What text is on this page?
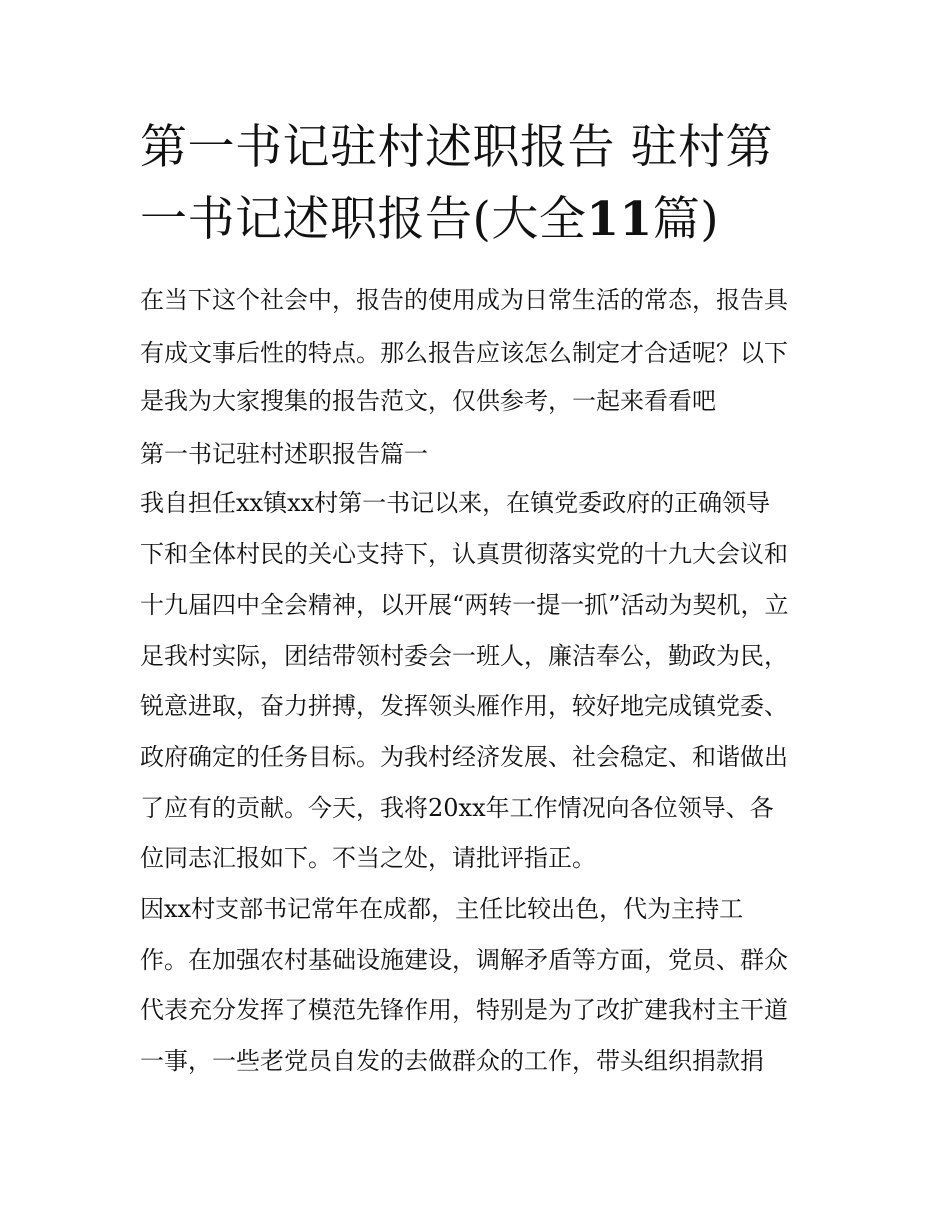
第一书记驻村述职报告 驻村第一书记述职报告(大全11篇)
在当下这个社会中，报告的使用成为日常生活的常态，报告具
有成文事后性的特点。那么报告应该怎么制定才合适呢？以下
是我为大家搜集的报告范文，仅供参考，一起来看看吧
第一书记驻村述职报告篇一
我自担任xx镇xx村第一书记以来，在镇党委政府的正确领导
下和全体村民的关心支持下，认真贯彻落实党的十九大会议和
十九届四中全会精神，以开展“两转一提一抓”活动为契机，立
足我村实际，团结带领村委会一班人，廉洁奉公，勤政为民，
锐意进取，奋力拼搏，发挥领头雁作用，较好地完成镇党委、
政府确定的任务目标。为我村经济发展、社会稳定、和谐做出
了应有的贡献。今天，我将20xx年工作情况向各位领导、各
位同志汇报如下。不当之处，请批评指正。
因xx村支部书记常年在成都，主任比较出色，代为主持工
作。在加强农村基础设施建设，调解矛盾等方面，党员、群众
代表充分发挥了模范先锋作用，特别是为了改扩建我村主干道
一事，一些老党员自发的去做群众的工作，带头组织捐款捐
